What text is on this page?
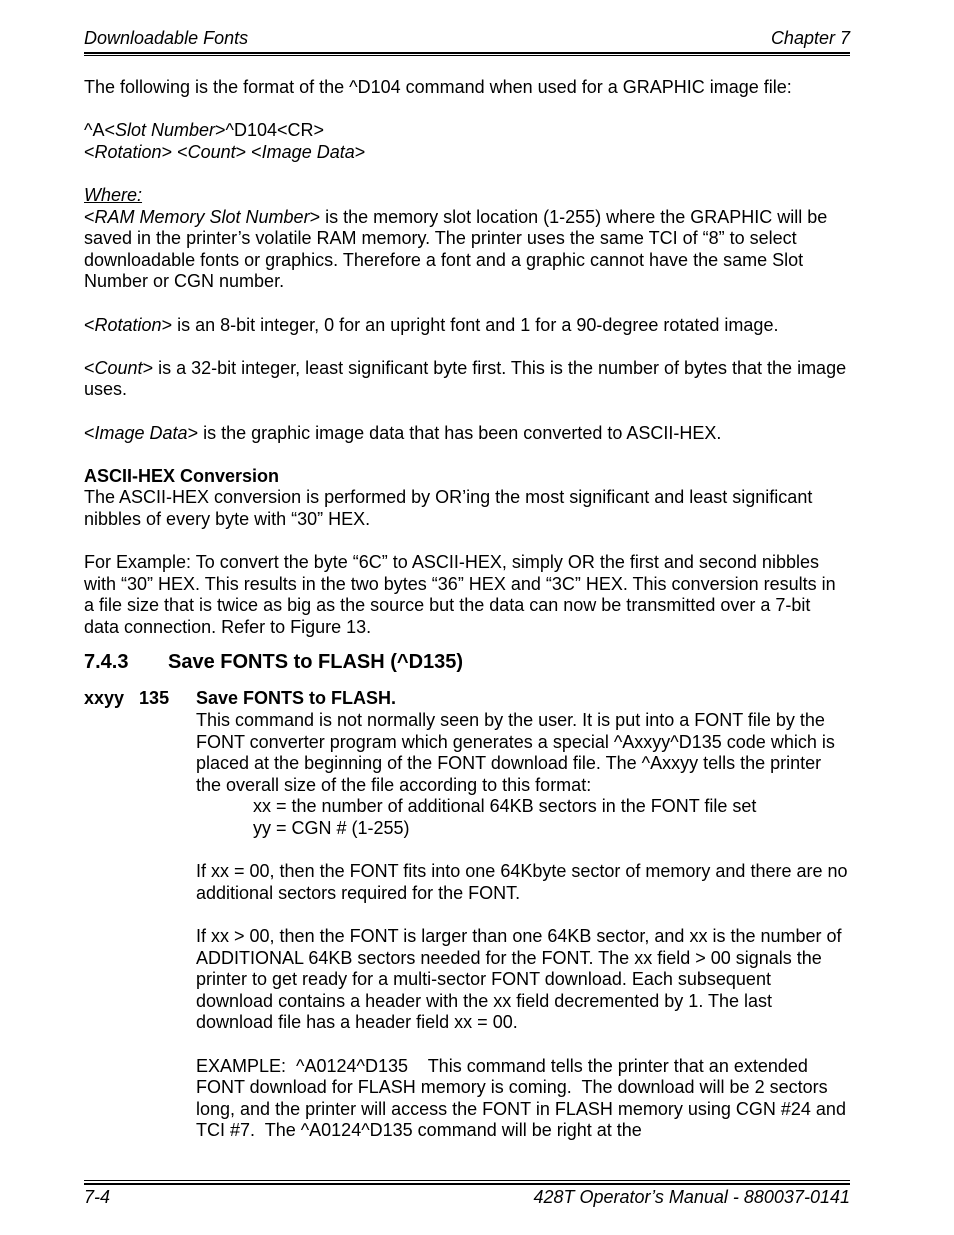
Downloadable Fonts	Chapter 7

The following is the format of the ^D104 command when used for a GRAPHIC image file:

^A<Slot Number>^D104<CR>

<Rotation> <Count> <Image Data>

Where:

<RAM Memory Slot Number> is the memory slot location (1-255) where the GRAPHIC will be saved in the printer’s volatile RAM memory. The printer uses the same TCI of “8” to select downloadable fonts or graphics. Therefore a font and a graphic cannot have the same Slot Number or CGN number.

<Rotation> is an 8-bit integer, 0 for an upright font and 1 for a 90-degree rotated image.

<Count> is a 32-bit integer, least significant byte first. This is the number of bytes that the image uses.

<Image Data> is the graphic image data that has been converted to ASCII-HEX.

ASCII-HEX Conversion

The ASCII-HEX conversion is performed by OR’ing the most significant and least significant nibbles of every byte with “30” HEX.

For Example: To convert the byte “6C” to ASCII-HEX, simply OR the first and second nibbles with “30” HEX. This results in the two bytes “36” HEX and “3C” HEX. This conversion results in a file size that is twice as big as the source but the data can now be transmitted over a 7-bit data connection. Refer to Figure 13.

7.4.3 Save FONTS to FLASH (^D135)

xxyy   135 Save FONTS to FLASH.

This command is not normally seen by the user. It is put into a FONT file by the FONT converter program which generates a special ^Axxyy^D135 code which is placed at the beginning of the FONT download file. The ^Axxyy tells the printer the overall size of the file according to this format:

xx = the number of additional 64KB sectors in the FONT file set

yy = CGN # (1-255)

If xx = 00, then the FONT fits into one 64Kbyte sector of memory and there are no additional sectors required for the FONT.

If xx > 00, then the FONT is larger than one 64KB sector, and xx is the number of ADDITIONAL 64KB sectors needed for the FONT. The xx field > 00 signals the printer to get ready for a multi-sector FONT download. Each subsequent download contains a header with the xx field decremented by 1. The last download file has a header field xx = 00.

EXAMPLE:  ^A0124^D135    This command tells the printer that an extended FONT download for FLASH memory is coming.  The download will be 2 sectors long, and the printer will access the FONT in FLASH memory using CGN #24 and TCI #7.  The ^A0124^D135 command will be right at the

7-4	428T Operator’s Manual - 880037-0141
